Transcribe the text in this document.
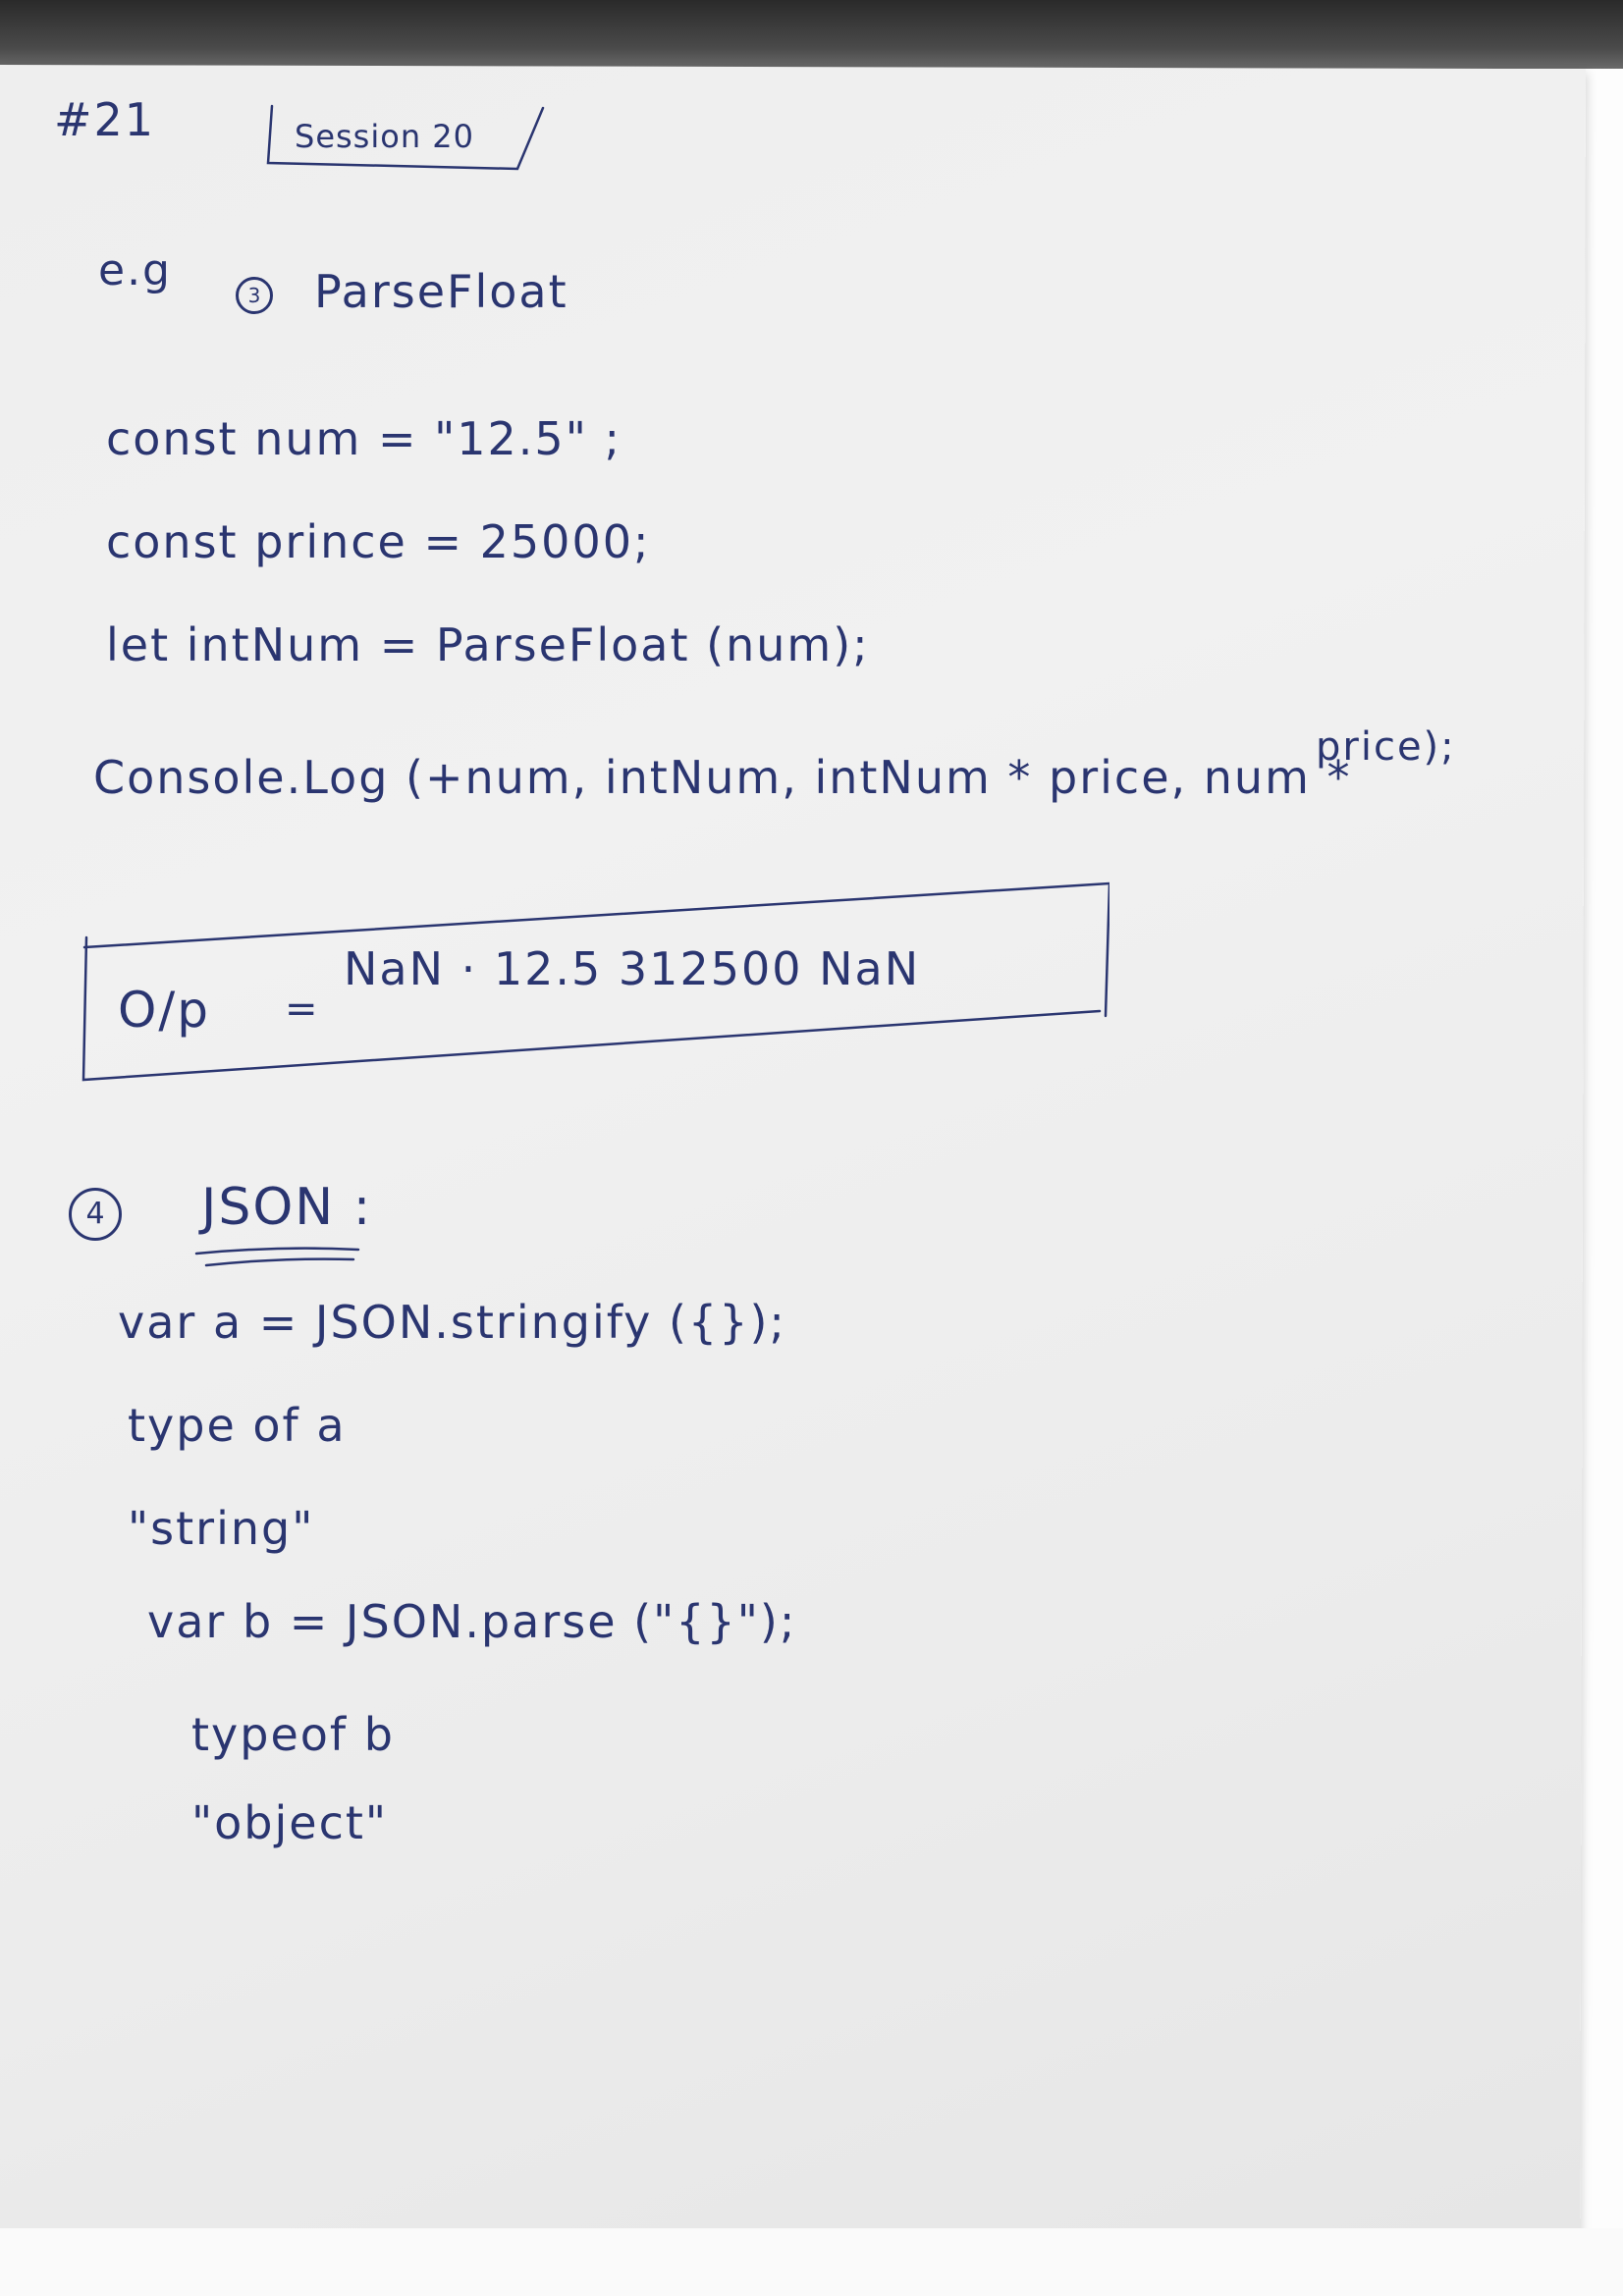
#21	Session 20
e.g	3 ParseFloat
const num = "12.5" ;
const prince = 25000;
let intNum = ParseFloat (num);
Console.Log (+num, intNum, intNum * price, num *
price);
O/p =
NaN · 12.5 312500 NaN
4	JSON :
var a = JSON.stringify ({});
type of a
"string"
var b = JSON.parse ("{}");
typeof b
"object"
